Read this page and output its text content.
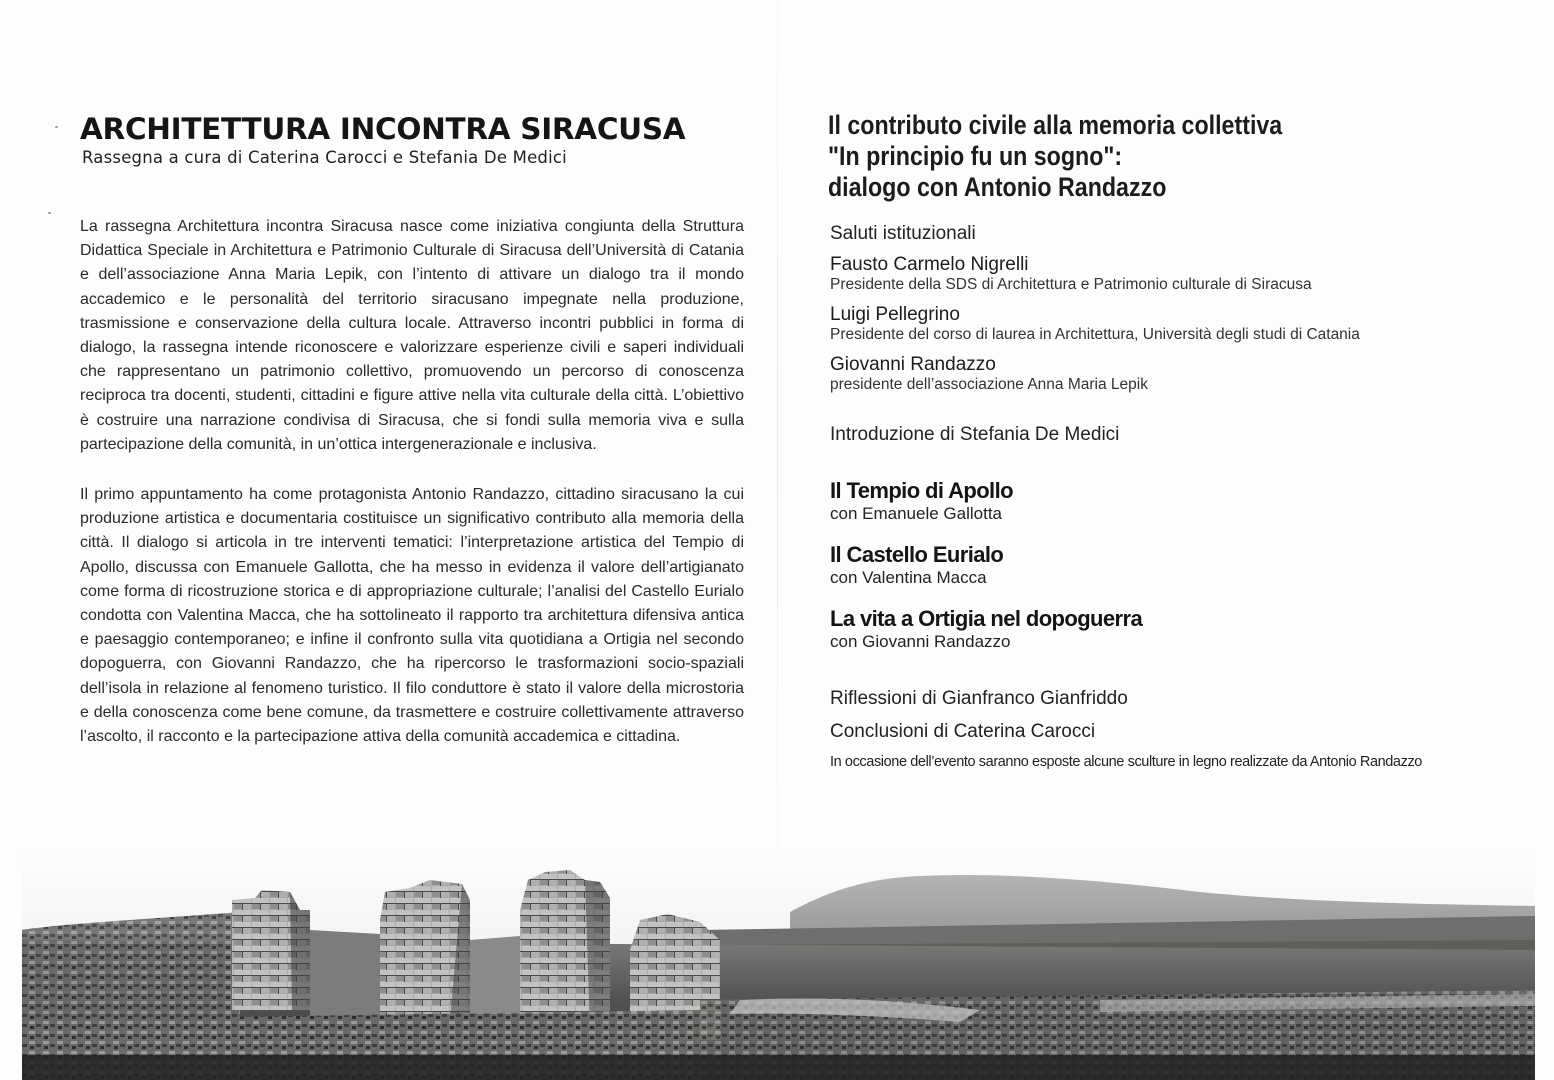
ARCHITETTURA INCONTRA SIRACUSA
Rassegna a cura di Caterina Carocci e Stefania De Medici

La rassegna Architettura incontra Siracusa nasce come iniziativa congiunta della Struttura Didattica Speciale in Architettura e Patrimonio Culturale di Siracusa dell’Università di Catania e dell’associazione Anna Maria Lepik, con l’intento di attivare un dialogo tra il mondo accademico e le personalità del territorio siracusano impegnate nella produzione, trasmissione e conservazione della cultura locale. Attraverso incontri pubblici in forma di dialogo, la rassegna intende riconoscere e valorizzare esperienze civili e saperi individuali che rappresentano un patrimonio collettivo, promuovendo un percorso di conoscenza reciproca tra docenti, studenti, cittadini e figure attive nella vita culturale della città. L’obiettivo è costruire una narrazione condivisa di Siracusa, che si fondi sulla memoria viva e sulla partecipazione della comunità, in un’ottica intergenerazionale e inclusiva.

Il primo appuntamento ha come protagonista Antonio Randazzo, cittadino siracusano la cui produzione artistica e documentaria costituisce un significativo contributo alla memoria della città. Il dialogo si articola in tre interventi tematici: l’interpretazione artistica del Tempio di Apollo, discussa con Emanuele Gallotta, che ha messo in evidenza il valore dell’artigianato come forma di ricostruzione storica e di appropriazione culturale; l’analisi del Castello Eurialo condotta con Valentina Macca, che ha sottolineato il rapporto tra architettura difensiva antica e paesaggio contemporaneo; e infine il confronto sulla vita quotidiana a Ortigia nel secondo dopoguerra, con Giovanni Randazzo, che ha ripercorso le trasformazioni socio-spaziali dell’isola in relazione al fenomeno turistico. Il filo conduttore è stato il valore della microstoria e della conoscenza come bene comune, da trasmettere e costruire collettivamente attraverso l’ascolto, il racconto e la partecipazione attiva della comunità accademica e cittadina.

Il contributo civile alla memoria collettiva
"In principio fu un sogno":
dialogo con Antonio Randazzo
Saluti istituzionali
Fausto Carmelo Nigrelli
Presidente della SDS di Architettura e Patrimonio culturale di Siracusa
Luigi Pellegrino
Presidente del corso di laurea in Architettura, Università degli studi di Catania
Giovanni Randazzo
presidente dell’associazione Anna Maria Lepik
Introduzione di Stefania De Medici
Il Tempio di Apollo
con Emanuele Gallotta
Il Castello Eurialo
con Valentina Macca
La vita a Ortigia nel dopoguerra
con Giovanni Randazzo
Riflessioni di Gianfranco Gianfriddo
Conclusioni di Caterina Carocci
In occasione dell’evento saranno esposte alcune sculture in legno realizzate da Antonio Randazzo
